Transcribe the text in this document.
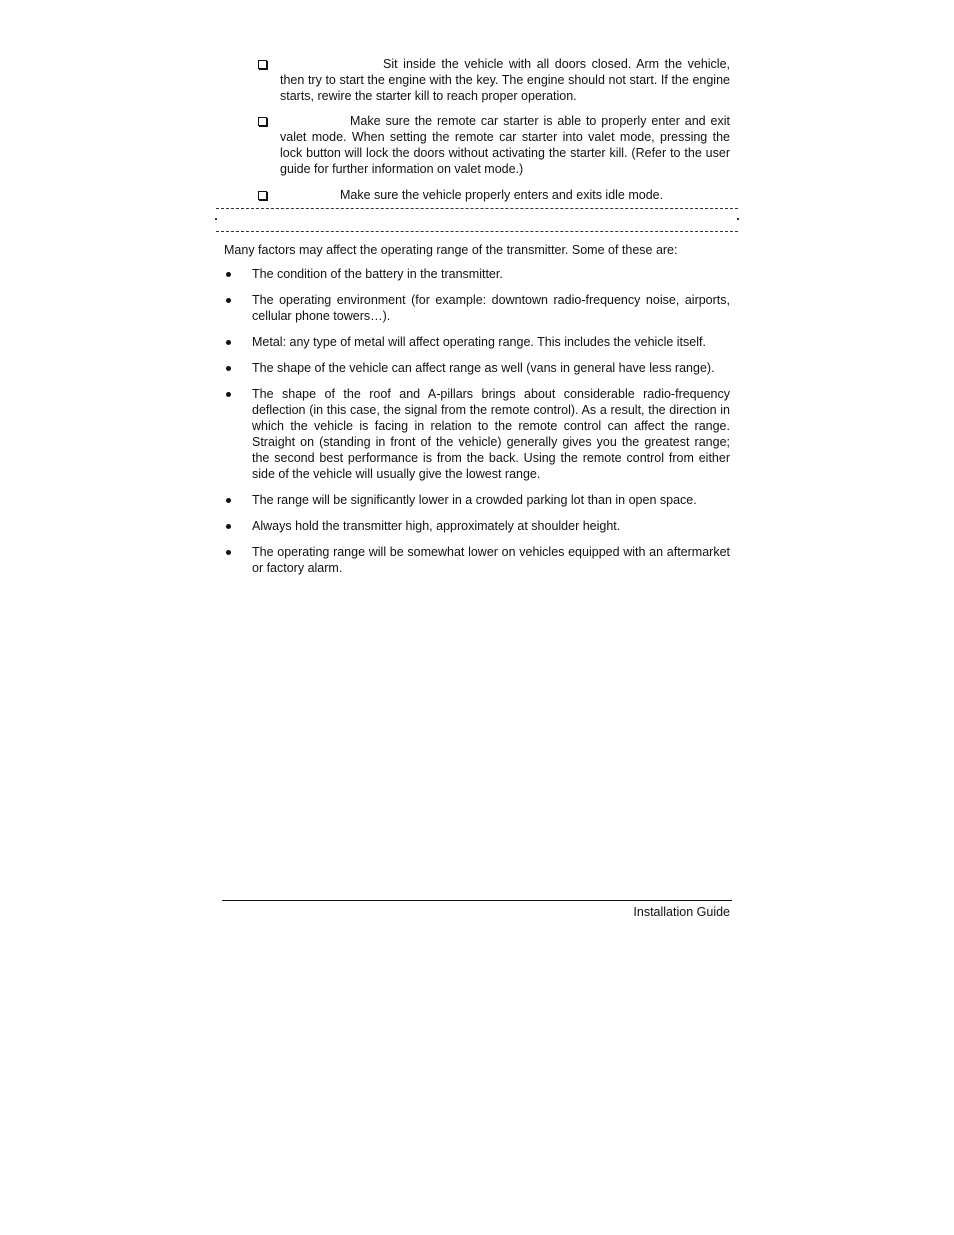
Sit inside the vehicle with all doors closed. Arm the vehicle, then try to start the engine with the key. The engine should not start. If the engine starts, rewire the starter kill to reach proper operation.
Make sure the remote car starter is able to properly enter and exit valet mode. When setting the remote car starter into valet mode, pressing the lock button will lock the doors without activating the starter kill. (Refer to the user guide for further information on valet mode.)
Make sure the vehicle properly enters and exits idle mode.
Many factors may affect the operating range of the transmitter. Some of these are:
The condition of the battery in the transmitter.
The operating environment (for example: downtown radio-frequency noise, airports, cellular phone towers…).
Metal: any type of metal will affect operating range. This includes the vehicle itself.
The shape of the vehicle can affect range as well (vans in general have less range).
The shape of the roof and A-pillars brings about considerable radio-frequency deflection (in this case, the signal from the remote control). As a result, the direction in which the vehicle is facing in relation to the remote control can affect the range. Straight on (standing in front of the vehicle) generally gives you the greatest range; the second best performance is from the back. Using the remote control from either side of the vehicle will usually give the lowest range.
The range will be significantly lower in a crowded parking lot than in open space.
Always hold the transmitter high, approximately at shoulder height.
The operating range will be somewhat lower on vehicles equipped with an aftermarket or factory alarm.
Installation Guide
